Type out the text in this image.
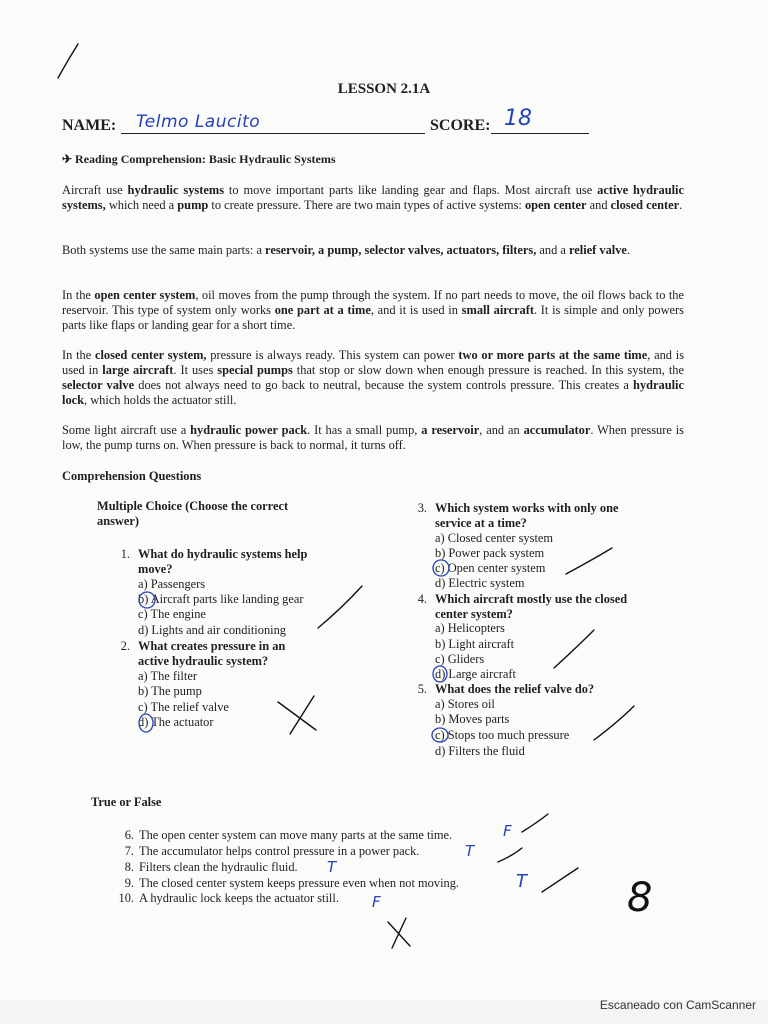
LESSON 2.1A
NAME: Telmo Laucito	SCORE: 18
✈ Reading Comprehension: Basic Hydraulic Systems
Aircraft use hydraulic systems to move important parts like landing gear and flaps. Most aircraft use active hydraulic systems, which need a pump to create pressure. There are two main types of active systems: open center and closed center.
Both systems use the same main parts: a reservoir, a pump, selector valves, actuators, filters, and a relief valve.
In the open center system, oil moves from the pump through the system. If no part needs to move, the oil flows back to the reservoir. This type of system only works one part at a time, and it is used in small aircraft. It is simple and only powers parts like flaps or landing gear for a short time.
In the closed center system, pressure is always ready. This system can power two or more parts at the same time, and is used in large aircraft. It uses special pumps that stop or slow down when enough pressure is reached. In this system, the selector valve does not always need to go back to neutral, because the system controls pressure. This creates a hydraulic lock, which holds the actuator still.
Some light aircraft use a hydraulic power pack. It has a small pump, a reservoir, and an accumulator. When pressure is low, the pump turns on. When pressure is back to normal, it turns off.
Comprehension Questions
Multiple Choice (Choose the correct answer)
1. What do hydraulic systems help move?
a) Passengers
b) Aircraft parts like landing gear
c) The engine
d) Lights and air conditioning
2. What creates pressure in an active hydraulic system?
a) The filter
b) The pump
c) The relief valve
d) The actuator
3. Which system works with only one service at a time?
a) Closed center system
b) Power pack system
c) Open center system
d) Electric system
4. Which aircraft mostly use the closed center system?
a) Helicopters
b) Light aircraft
c) Gliders
d) Large aircraft
5. What does the relief valve do?
a) Stores oil
b) Moves parts
c) Stops too much pressure
d) Filters the fluid
True or False
6. The open center system can move many parts at the same time.
7. The accumulator helps control pressure in a power pack.
8. Filters clean the hydraulic fluid.
9. The closed center system keeps pressure even when not moving.
10. A hydraulic lock keeps the actuator still.
F
T
T
T
F	8
Escaneado con CamScanner
